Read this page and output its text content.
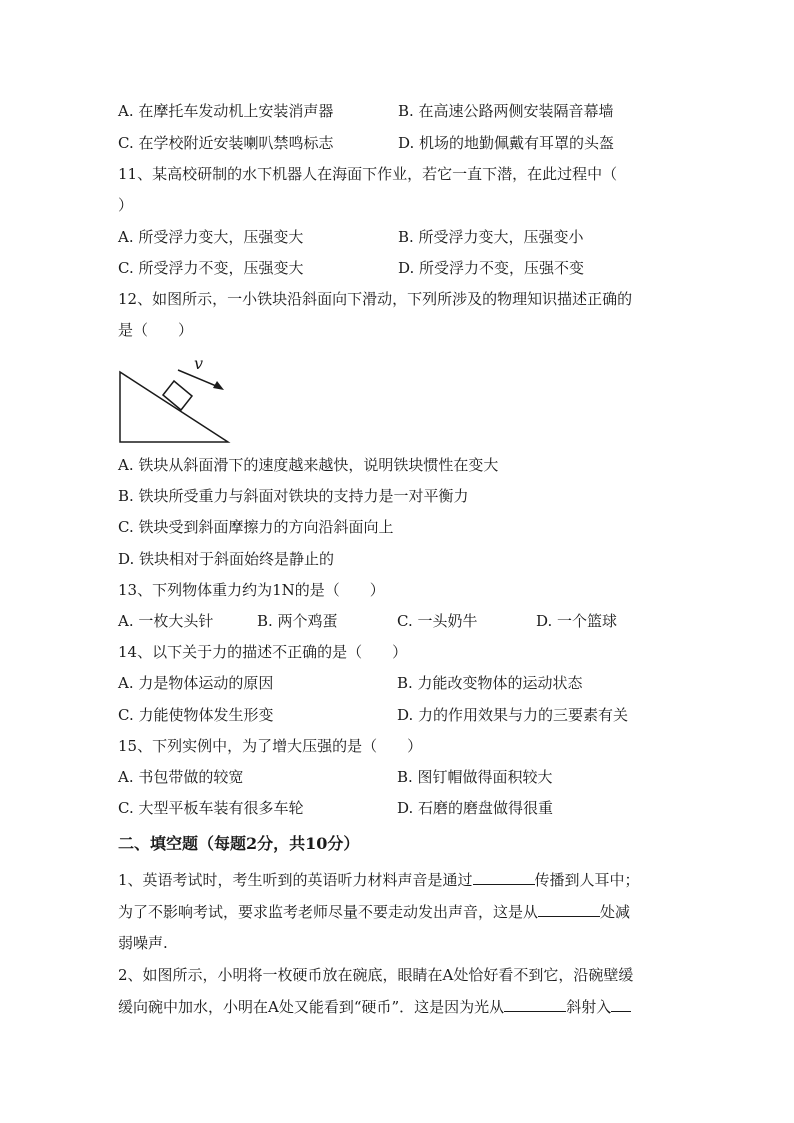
A. 在摩托车发动机上安装消声器	B. 在高速公路两侧安装隔音幕墙
C. 在学校附近安装喇叭禁鸣标志	D. 机场的地勤佩戴有耳罩的头盔
11、某高校研制的水下机器人在海面下作业，若它一直下潜，在此过程中（
）
A. 所受浮力变大，压强变大	B. 所受浮力变大，压强变小
C. 所受浮力不变，压强变大	D. 所受浮力不变，压强不变
12、如图所示，一小铁块沿斜面向下滑动，下列所涉及的物理知识描述正确的
是（　　）
v
A. 铁块从斜面滑下的速度越来越快，说明铁块惯性在变大
B. 铁块所受重力与斜面对铁块的支持力是一对平衡力
C. 铁块受到斜面摩擦力的方向沿斜面向上
D. 铁块相对于斜面始终是静止的
13、下列物体重力约为1N的是（　　）
A. 一枚大头针	B. 两个鸡蛋	C. 一头奶牛	D. 一个篮球
14、以下关于力的描述不正确的是（　　）
A. 力是物体运动的原因	B. 力能改变物体的运动状态
C. 力能使物体发生形变	D. 力的作用效果与力的三要素有关
15、下列实例中，为了增大压强的是（　　）
A. 书包带做的较宽	B. 图钉帽做得面积较大
C. 大型平板车装有很多车轮	D. 石磨的磨盘做得很重
二、填空题（每题2分，共10分）
1、英语考试时，考生听到的英语听力材料声音是通过	传播到人耳中；
为了不影响考试，要求监考老师尽量不要走动发出声音，这是从	处减
弱噪声.
2、如图所示，小明将一枚硬币放在碗底，眼睛在A处恰好看不到它，沿碗壁缓
缓向碗中加水，小明在A处又能看到“硬币”．这是因为光从	斜射入
